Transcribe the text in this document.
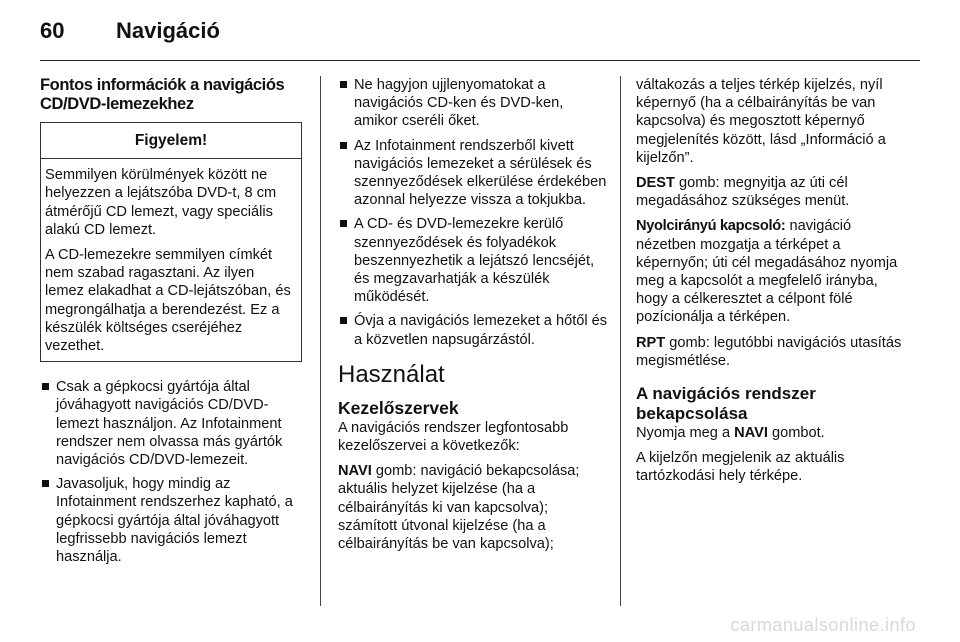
60	Navigáció
Fontos információk a navigációs CD/DVD-lemezekhez
Figyelem!

Semmilyen körülmények között ne helyezzen a lejátszóba DVD-t, 8 cm átmérőjű CD lemezt, vagy speciális alakú CD lemezt.

A CD-lemezekre semmilyen címkét nem szabad ragasztani. Az ilyen lemez elakadhat a CD-lejátszóban, és megrongálhatja a berendezést. Ez a készülék költséges cseréjéhez vezethet.

Csak a gépkocsi gyártója által jóváhagyott navigációs CD/DVD-lemezt használjon. Az Infotainment rendszer nem olvassa más gyártók navigációs CD/DVD-lemezeit.
Javasoljuk, hogy mindig az Infotainment rendszerhez kapható, a gépkocsi gyártója által jóváhagyott legfrissebb navigációs lemezt használja.
Ne hagyjon ujjlenyomatokat a navigációs CD-ken és DVD-ken, amikor cseréli őket.
Az Infotainment rendszerből kivett navigációs lemezeket a sérülések és szennyeződések elkerülése érdekében azonnal helyezze vissza a tokjukba.
A CD- és DVD-lemezekre kerülő szennyeződések és folyadékok beszennyezhetik a lejátszó lencséjét, és megzavarhatják a készülék működését.
Óvja a navigációs lemezeket a hőtől és a közvetlen napsugárzástól.
Használat
Kezelőszervek

A navigációs rendszer legfontosabb kezelőszervei a következők:

NAVI gomb: navigáció bekapcsolása; aktuális helyzet kijelzése (ha a célbairányítás ki van kapcsolva); számított útvonal kijelzése (ha a célbairányítás be van kapcsolva);

váltakozás a teljes térkép kijelzés, nyíl képernyő (ha a célbairányítás be van kapcsolva) és megosztott képernyő megjelenítés között, lásd „Információ a kijelzőn”.

DEST gomb: megnyitja az úti cél megadásához szükséges menüt.

Nyolcirányú kapcsoló: navigáció nézetben mozgatja a térképet a képernyőn; úti cél megadásához nyomja meg a kapcsolót a megfelelő irányba, hogy a célkeresztet a célpont fölé pozícionálja a térképen.

RPT gomb: legutóbbi navigációs utasítás megismétlése.

A navigációs rendszer bekapcsolása

Nyomja meg a NAVI gombot.

A kijelzőn megjelenik az aktuális tartózkodási hely térképe.

carmanualsonline.info
